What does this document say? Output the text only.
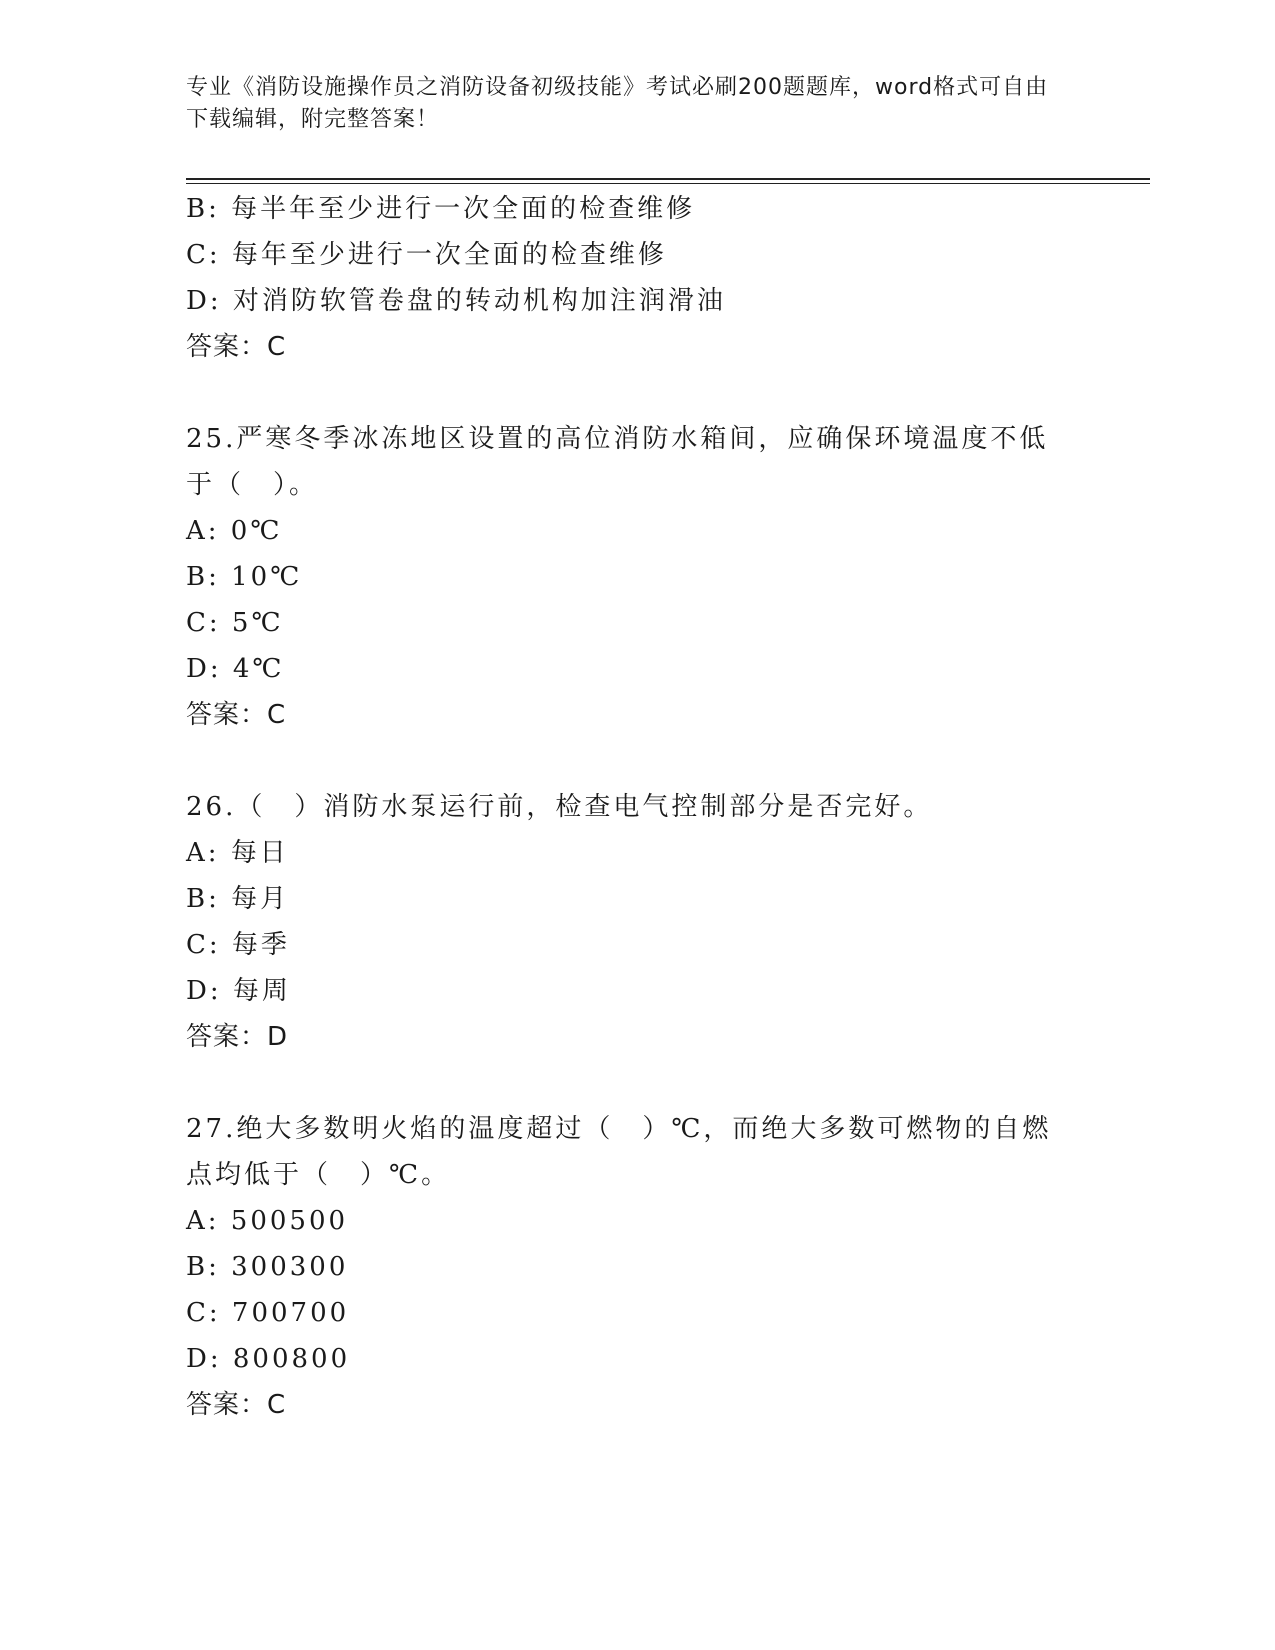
专业《消防设施操作员之消防设备初级技能》考试必刷200题题库，word格式可自由下载编辑，附完整答案！
B: 每半年至少进行一次全面的检查维修
C: 每年至少进行一次全面的检查维修
D: 对消防软管卷盘的转动机构加注润滑油
答案：C
25.严寒冬季冰冻地区设置的高位消防水箱间，应确保环境温度不低于（　）。
A: 0℃
B: 10℃
C: 5℃
D: 4℃
答案：C
26.（　）消防水泵运行前，检查电气控制部分是否完好。
A: 每日
B: 每月
C: 每季
D: 每周
答案：D
27.绝大多数明火焰的温度超过（　）℃，而绝大多数可燃物的自燃点均低于（　）℃。
A: 500500
B: 300300
C: 700700
D: 800800
答案：C
